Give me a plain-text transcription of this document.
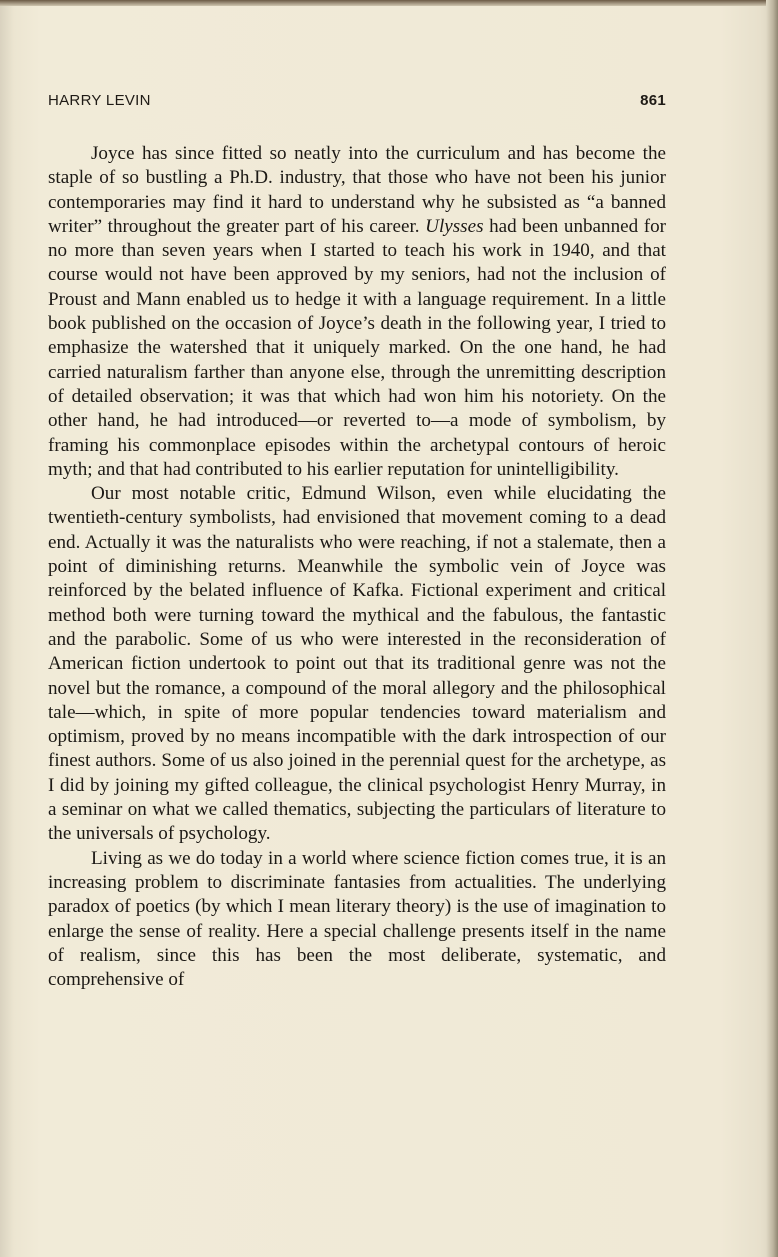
HARRY LEVIN	861

Joyce has since fitted so neatly into the curriculum and has become the staple of so bustling a Ph.D. industry, that those who have not been his junior contemporaries may find it hard to understand why he subsisted as “a banned writer” throughout the greater part of his career. Ulysses had been unbanned for no more than seven years when I started to teach his work in 1940, and that course would not have been approved by my seniors, had not the inclusion of Proust and Mann enabled us to hedge it with a language requirement. In a little book published on the occasion of Joyce’s death in the following year, I tried to emphasize the watershed that it uniquely marked. On the one hand, he had carried naturalism farther than anyone else, through the unremitting description of detailed observation; it was that which had won him his notoriety. On the other hand, he had introduced—or reverted to—a mode of symbolism, by framing his commonplace episodes within the archetypal contours of heroic myth; and that had contributed to his earlier reputation for unintelligibility.

Our most notable critic, Edmund Wilson, even while elucidating the twentieth-century symbolists, had envisioned that movement coming to a dead end. Actually it was the naturalists who were reaching, if not a stalemate, then a point of diminishing returns. Meanwhile the symbolic vein of Joyce was reinforced by the belated influence of Kafka. Fictional experiment and critical method both were turning toward the mythical and the fabulous, the fantastic and the parabolic. Some of us who were interested in the reconsideration of American fiction undertook to point out that its traditional genre was not the novel but the romance, a compound of the moral allegory and the philosophical tale—which, in spite of more popular tendencies toward materialism and optimism, proved by no means incompatible with the dark introspection of our finest authors. Some of us also joined in the perennial quest for the archetype, as I did by joining my gifted colleague, the clinical psychologist Henry Murray, in a seminar on what we called thematics, subjecting the particulars of literature to the universals of psychology.

Living as we do today in a world where science fiction comes true, it is an increasing problem to discriminate fantasies from actualities. The underlying paradox of poetics (by which I mean literary theory) is the use of imagination to enlarge the sense of reality. Here a special challenge presents itself in the name of realism, since this has been the most deliberate, systematic, and comprehensive of
